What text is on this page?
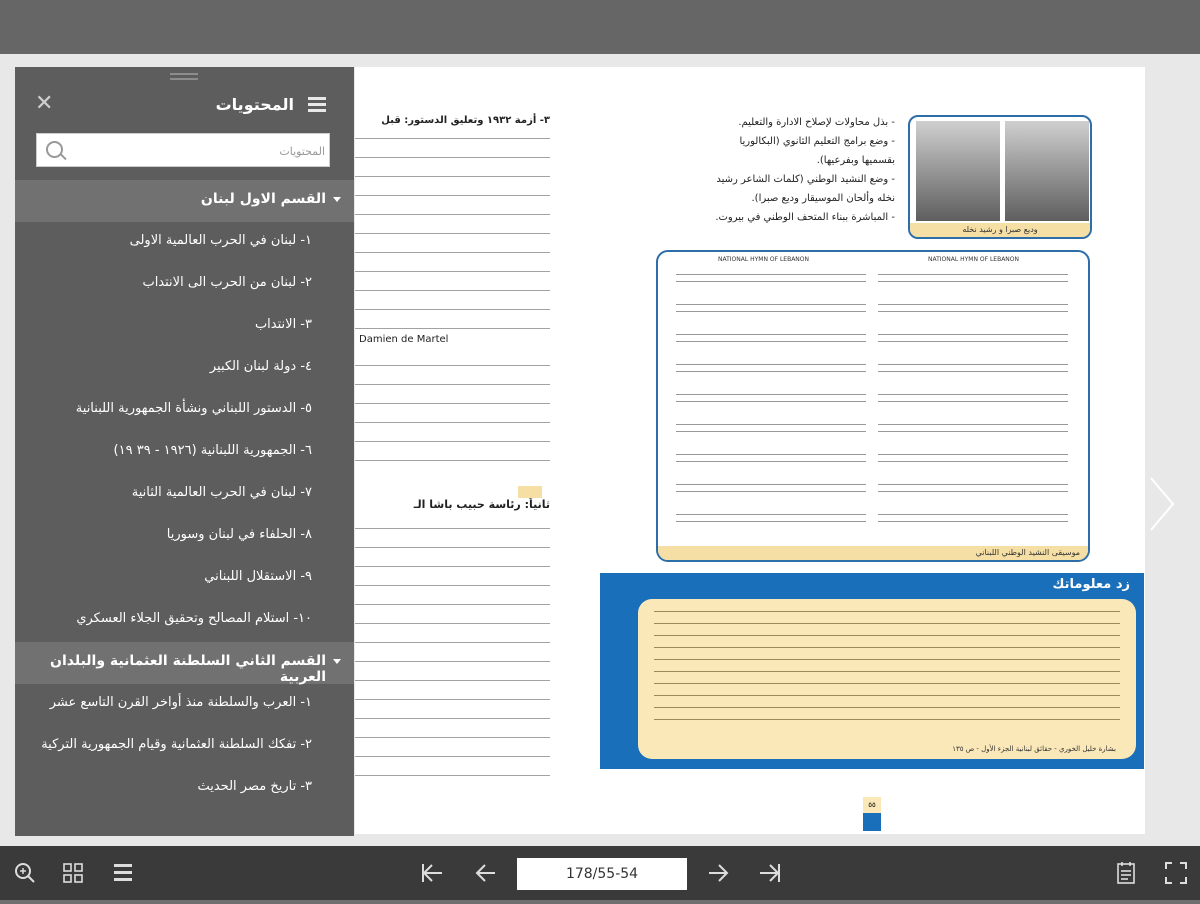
٣- أزمة ١٩٣٢ وتعليق الدستور: قبل
Damien de Martel
ثانياً: رئاسة حبيب باشا الـ
- بذل محاولات لإصلاح الادارة والتعليم.
- وضع برامج التعليم الثانوي (البكالوريا
بقسميها وبفرعيها).
- وضع النشيد الوطني (كلمات الشاعر رشيد
نخله وألحان الموسيقار وديع صبرا).
- المباشرة ببناء المتحف الوطني في بيروت.
وديع صبرا و رشيد نخله
NATIONAL HYMN OF LEBANON	NATIONAL HYMN OF LEBANON
موسيقى النشيد الوطني اللبناني
زد معلوماتك
بشارة خليل الخوري - حقائق لبنانية الجزء الأول - ص ١٣٥
٥٥
✕	المحتويات
المحتويات
القسم الاول لبنان
١- لبنان في الحرب العالمية الاولى
٢- لبنان من الحرب الى الانتداب
٣- الانتداب
٤- دولة لبنان الكبير
٥- الدستور اللبناني ونشأة الجمهورية اللبنانية
٦- الجمهورية اللبنانية (١٩٢٦ - ٣٩ ١٩)
٧- لبنان في الحرب العالمية الثانية
٨- الحلفاء في لبنان وسوريا
٩- الاستقلال اللبناني
١٠- استلام المصالح وتحقيق الجلاء العسكري
القسم الثاني السلطنة العثمانية والبلدان العربية
١- العرب والسلطنة منذ أواخر القرن التاسع عشر
٢- تفكك السلطنة العثمانية وقيام الجمهورية التركية
٣- تاريخ مصر الحديث
178/55-54
